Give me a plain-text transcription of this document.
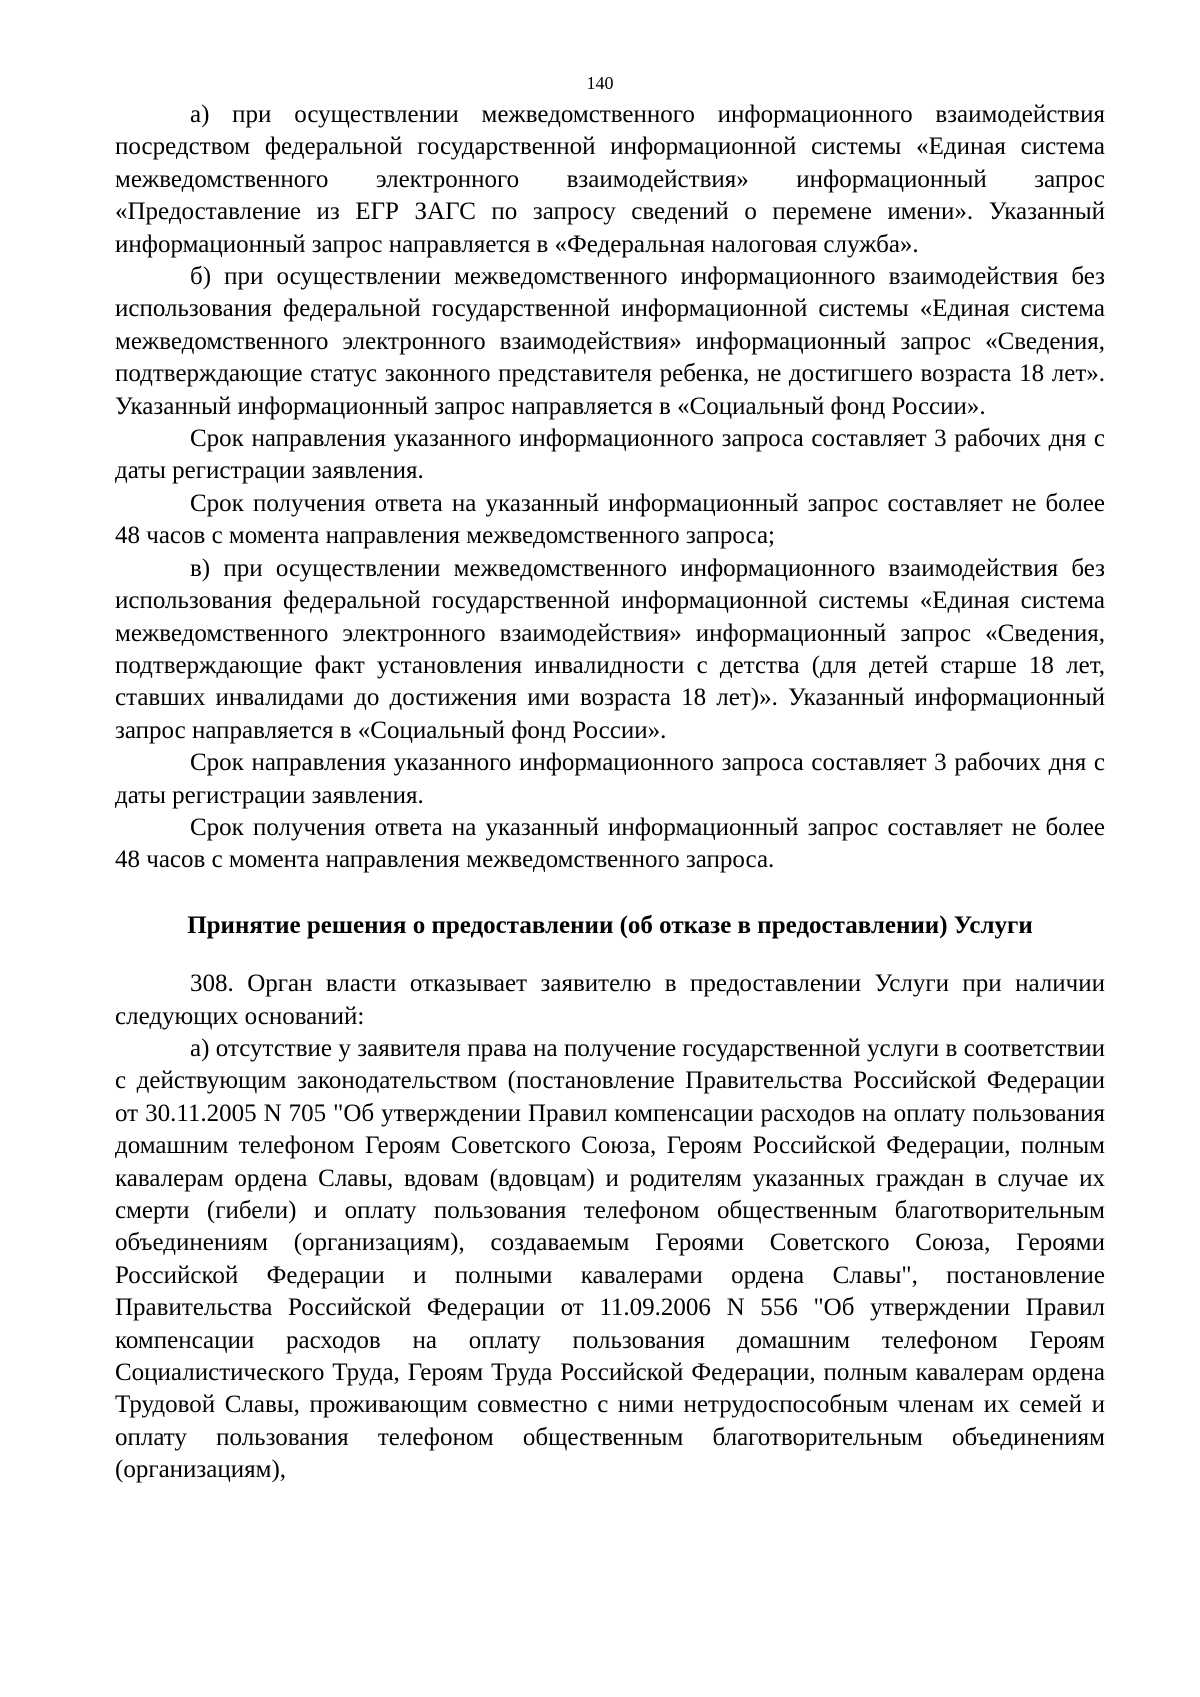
140

а) при осуществлении межведомственного информационного взаимодействия посредством федеральной государственной информационной системы «Единая система межведомственного электронного взаимодействия» информационный запрос «Предоставление из ЕГР ЗАГС по запросу сведений о перемене имени». Указанный информационный запрос направляется в «Федеральная налоговая служба».

б) при осуществлении межведомственного информационного взаимодействия без использования федеральной государственной информационной системы «Единая система межведомственного электронного взаимодействия» информационный запрос «Сведения, подтверждающие статус законного представителя ребенка, не достигшего возраста 18 лет». Указанный информационный запрос направляется в «Социальный фонд России».

Срок направления указанного информационного запроса составляет 3 рабочих дня с даты регистрации заявления.

Срок получения ответа на указанный информационный запрос составляет не более 48 часов с момента направления межведомственного запроса;

в) при осуществлении межведомственного информационного взаимодействия без использования федеральной государственной информационной системы «Единая система межведомственного электронного взаимодействия» информационный запрос «Сведения, подтверждающие факт установления инвалидности с детства (для детей старше 18 лет, ставших инвалидами до достижения ими возраста 18 лет)». Указанный информационный запрос направляется в «Социальный фонд России».

Срок направления указанного информационного запроса составляет 3 рабочих дня с даты регистрации заявления.

Срок получения ответа на указанный информационный запрос составляет не более 48 часов с момента направления межведомственного запроса.

Принятие решения о предоставлении (об отказе в предоставлении) Услуги

308. Орган власти отказывает заявителю в предоставлении Услуги при наличии следующих оснований:

а) отсутствие у заявителя права на получение государственной услуги в соответствии с действующим законодательством (постановление Правительства Российской Федерации от 30.11.2005 N 705 "Об утверждении Правил компенсации расходов на оплату пользования домашним телефоном Героям Советского Союза, Героям Российской Федерации, полным кавалерам ордена Славы, вдовам (вдовцам) и родителям указанных граждан в случае их смерти (гибели) и оплату пользования телефоном общественным благотворительным объединениям (организациям), создаваемым Героями Советского Союза, Героями Российской Федерации и полными кавалерами ордена Славы", постановление Правительства Российской Федерации от 11.09.2006 N 556 "Об утверждении Правил компенсации расходов на оплату пользования домашним телефоном Героям Социалистического Труда, Героям Труда Российской Федерации, полным кавалерам ордена Трудовой Славы, проживающим совместно с ними нетрудоспособным членам их семей и оплату пользования телефоном общественным благотворительным объединениям (организациям),
